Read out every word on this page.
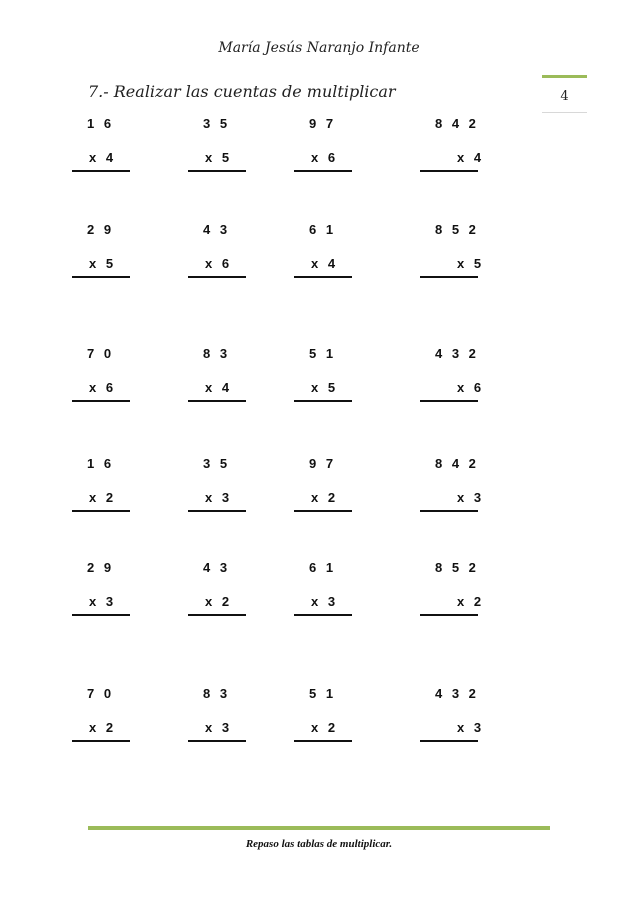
María Jesús Naranjo Infante
7.- Realizar las cuentas de multiplicar	4
1 6
x 4
3 5
x 5
9 7
x 6
8 4 2
x 4
2 9
x 5
4 3
x 6
6 1
x 4
8 5 2
x 5
7 0
x 6
8 3
x 4
5 1
x 5
4 3 2
x 6
1 6
x 2
3 5
x 3
9 7
x 2
8 4 2
x 3
2 9
x 3
4 3
x 2
6 1
x 3
8 5 2
x 2
7 0
x 2
8 3
x 3
5 1
x 2
4 3 2
x 3
Repaso las tablas de multiplicar.
